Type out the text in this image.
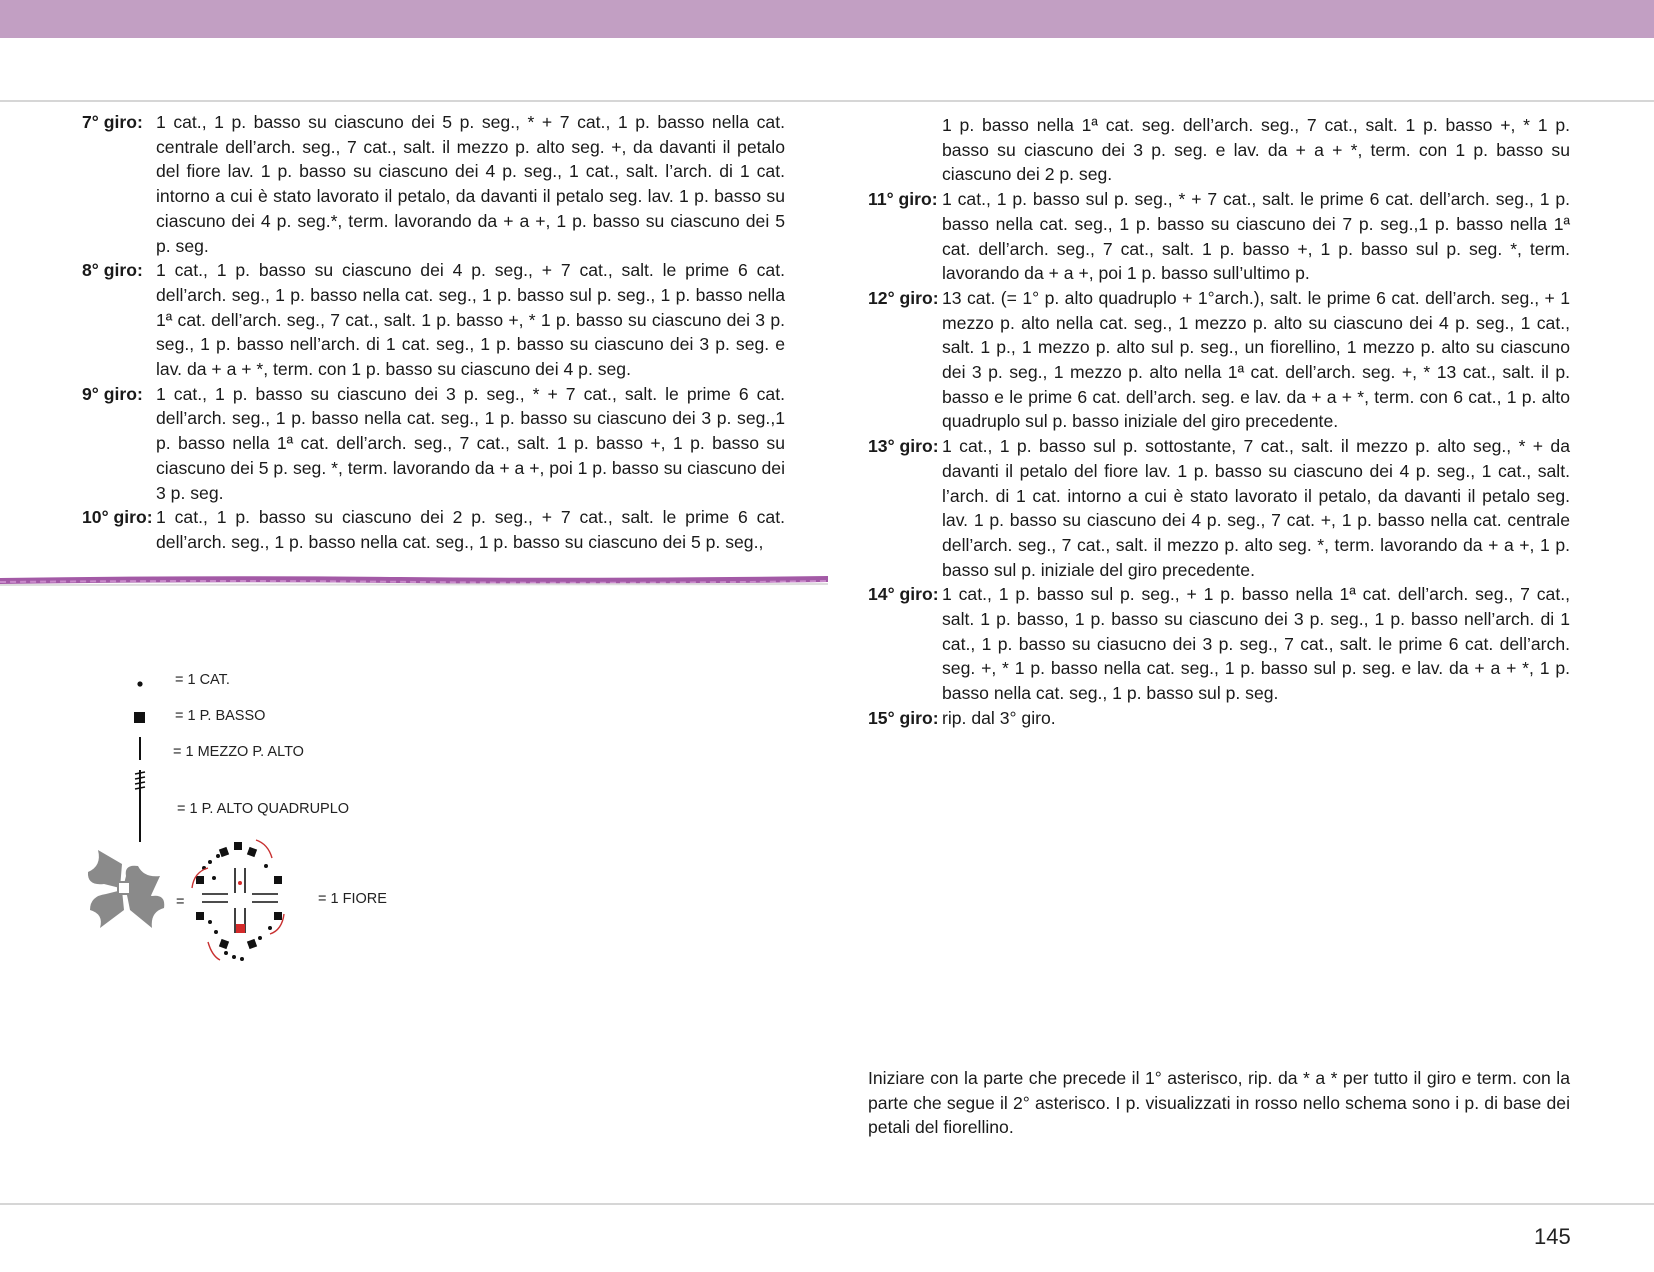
7° giro: 1 cat., 1 p. basso su ciascuno dei 5 p. seg., * + 7 cat., 1 p. basso nella cat. centrale dell’arch. seg., 7 cat., salt. il mezzo p. alto seg. +, da davanti il petalo del fiore lav. 1 p. basso su ciascuno dei 4 p. seg., 1 cat., salt. l’arch. di 1 cat. intorno a cui è stato lavorato il petalo, da davanti il petalo seg. lav. 1 p. basso su ciascuno dei 4 p. seg.*, term. lavorando da + a +, 1 p. basso su ciascuno dei 5 p. seg.

8° giro: 1 cat., 1 p. basso su ciascuno dei 4 p. seg., + 7 cat., salt. le prime 6 cat. dell’arch. seg., 1 p. basso nella cat. seg., 1 p. basso sul p. seg., 1 p. basso nella 1ª cat. dell’arch. seg., 7 cat., salt. 1 p. basso +, * 1 p. basso su ciascuno dei 3 p. seg., 1 p. basso nell’arch. di 1 cat. seg., 1 p. basso su ciascuno dei 3 p. seg. e lav. da + a + *, term. con 1 p. basso su ciascuno dei 4 p. seg.

9° giro: 1 cat., 1 p. basso su ciascuno dei 3 p. seg., * + 7 cat., salt. le prime 6 cat. dell’arch. seg., 1 p. basso nella cat. seg., 1 p. basso su ciascuno dei 3 p. seg.,1 p. basso nella 1ª cat. dell’arch. seg., 7 cat., salt. 1 p. basso +, 1 p. basso su ciascuno dei 5 p. seg. *, term. lavorando da + a +, poi 1 p. basso su ciascuno dei 3 p. seg.

10° giro: 1 cat., 1 p. basso su ciascuno dei 2 p. seg., + 7 cat., salt. le prime 6 cat. dell’arch. seg., 1 p. basso nella cat. seg., 1 p. basso su ciascuno dei 5 p. seg.,

1 p. basso nella 1ª cat. seg. dell’arch. seg., 7 cat., salt. 1 p. basso +, * 1 p. basso su ciascuno dei 3 p. seg. e lav. da + a + *, term. con 1 p. basso su ciascuno dei 2 p. seg.

11° giro: 1 cat., 1 p. basso sul p. seg., * + 7 cat., salt. le prime 6 cat. dell’arch. seg., 1 p. basso nella cat. seg., 1 p. basso su ciascuno dei 7 p. seg.,1 p. basso nella 1ª cat. dell’arch. seg., 7 cat., salt. 1 p. basso +, 1 p. basso sul p. seg. *, term. lavorando da + a +, poi 1 p. basso sull’ultimo p.

12° giro: 13 cat. (= 1° p. alto quadruplo + 1°arch.), salt. le prime 6 cat. dell’arch. seg., + 1 mezzo p. alto nella cat. seg., 1 mezzo p. alto su ciascuno dei 4 p. seg., 1 cat., salt. 1 p., 1 mezzo p. alto sul p. seg., un fiorellino, 1 mezzo p. alto su ciascuno dei 3 p. seg., 1 mezzo p. alto nella 1ª cat. dell’arch. seg. +, * 13 cat., salt. il p. basso e le prime 6 cat. dell’arch. seg. e lav. da + a + *, term. con 6 cat., 1 p. alto quadruplo sul p. basso iniziale del giro precedente.

13° giro: 1 cat., 1 p. basso sul p. sottostante, 7 cat., salt. il mezzo p. alto seg., * + da davanti il petalo del fiore lav. 1 p. basso su ciascuno dei 4 p. seg., 1 cat., salt. l’arch. di 1 cat. intorno a cui è stato lavorato il petalo, da davanti il petalo seg. lav. 1 p. basso su ciascuno dei 4 p. seg., 7 cat. +, 1 p. basso nella cat. centrale dell’arch. seg., 7 cat., salt. il mezzo p. alto seg. *, term. lavorando da + a +, 1 p. basso sul p. iniziale del giro precedente.

14° giro: 1 cat., 1 p. basso sul p. seg., + 1 p. basso nella 1ª cat. dell’arch. seg., 7 cat., salt. 1 p. basso, 1 p. basso su ciascuno dei 3 p. seg., 1 p. basso nell’arch. di 1 cat., 1 p. basso su ciasucno dei 3 p. seg., 7 cat., salt. le prime 6 cat. dell’arch. seg. +, * 1 p. basso nella cat. seg., 1 p. basso sul p. seg. e lav. da + a + *, 1 p. basso nella cat. seg., 1 p. basso sul p. seg.

15° giro: rip. dal 3° giro.

= 1 CAT.
= 1 P. BASSO
= 1 MEZZO P. ALTO
= 1 P. ALTO QUADRUPLO
=	= 1 FIORE

Iniziare con la parte che precede il 1° asterisco, rip. da * a * per tutto il giro e term. con la parte che segue il 2° asterisco. I p. visualizzati in rosso nello schema sono i p. di base dei petali del fiorellino.

145
